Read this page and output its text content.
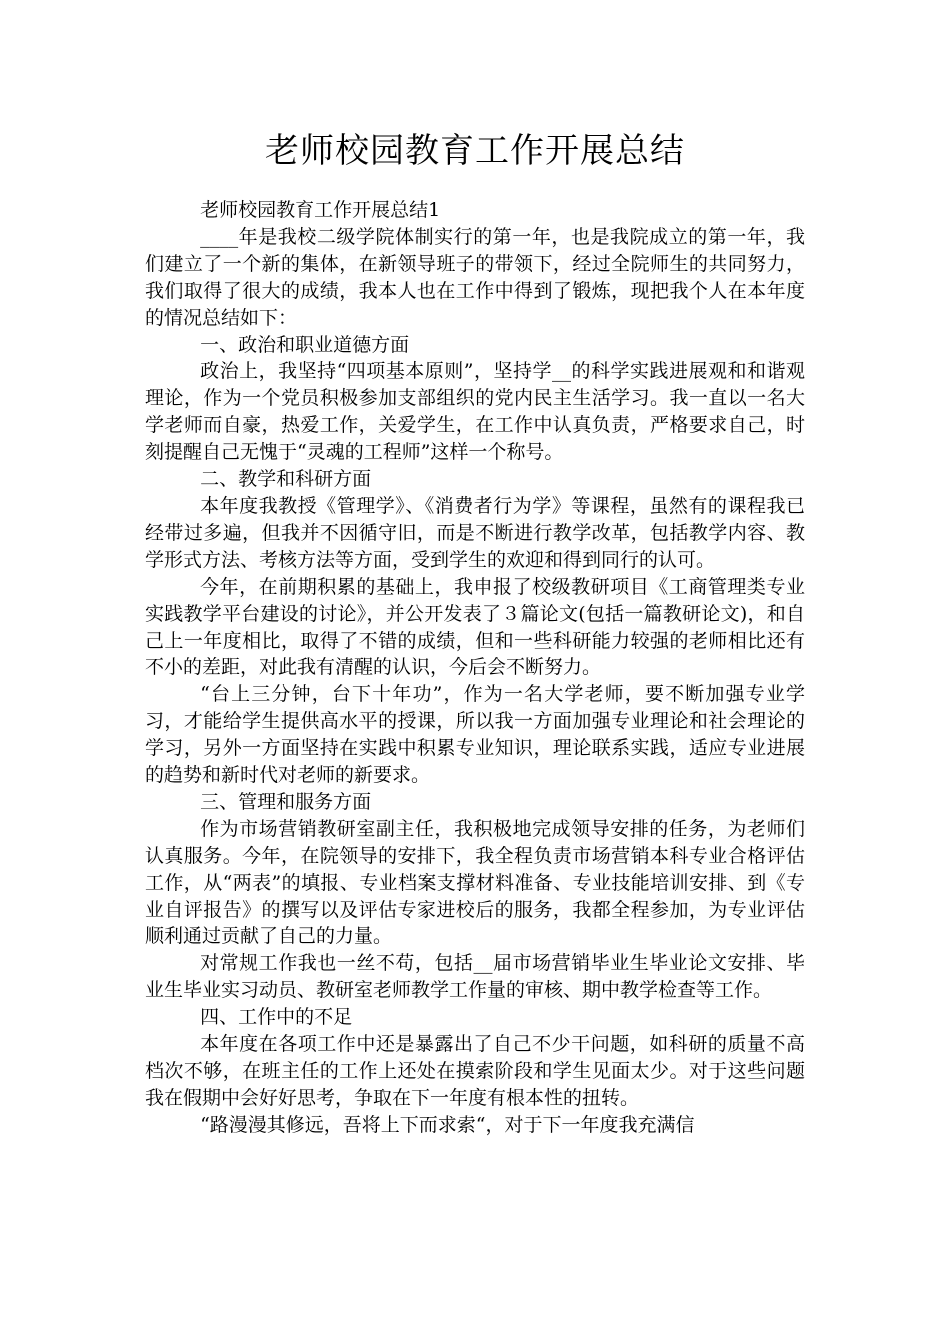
老师校园教育工作开展总结

老师校园教育工作开展总结1

____年是我校二级学院体制实行的第一年，也是我院成立的第一年，我们建立了一个新的集体，在新领导班子的带领下，经过全院师生的共同努力，我们取得了很大的成绩，我本人也在工作中得到了锻炼，现把我个人在本年度的情况总结如下：

一、政治和职业道德方面

政治上，我坚持“四项基本原则”，坚持学__的科学实践进展观和和谐观理论，作为一个党员积极参加支部组织的党内民主生活学习。我一直以一名大学老师而自豪，热爱工作，关爱学生，在工作中认真负责，严格要求自己，时刻提醒自己无愧于“灵魂的工程师”这样一个称号。

二、教学和科研方面

本年度我教授《管理学》、《消费者行为学》等课程，虽然有的课程我已经带过多遍，但我并不因循守旧，而是不断进行教学改革，包括教学内容、教学形式方法、考核方法等方面，受到学生的欢迎和得到同行的认可。

今年，在前期积累的基础上，我申报了校级教研项目《工商管理类专业实践教学平台建设的讨论》，并公开发表了３篇论文(包括一篇教研论文)，和自己上一年度相比，取得了不错的成绩，但和一些科研能力较强的老师相比还有不小的差距，对此我有清醒的认识，今后会不断努力。

“台上三分钟，台下十年功”，作为一名大学老师，要不断加强专业学习，才能给学生提供高水平的授课，所以我一方面加强专业理论和社会理论的学习，另外一方面坚持在实践中积累专业知识，理论联系实践，适应专业进展的趋势和新时代对老师的新要求。

三、管理和服务方面

作为市场营销教研室副主任，我积极地完成领导安排的任务，为老师们认真服务。今年，在院领导的安排下，我全程负责市场营销本科专业合格评估工作，从“两表”的填报、专业档案支撑材料准备、专业技能培训安排、到《专业自评报告》的撰写以及评估专家进校后的服务，我都全程参加，为专业评估顺利通过贡献了自己的力量。

对常规工作我也一丝不苟，包括__届市场营销毕业生毕业论文安排、毕业生毕业实习动员、教研室老师教学工作量的审核、期中教学检查等工作。

四、工作中的不足

本年度在各项工作中还是暴露出了自己不少干问题，如科研的质量不高档次不够，在班主任的工作上还处在摸索阶段和学生见面太少。对于这些问题我在假期中会好好思考，争取在下一年度有根本性的扭转。

“路漫漫其修远，吾将上下而求索“，对于下一年度我充满信
